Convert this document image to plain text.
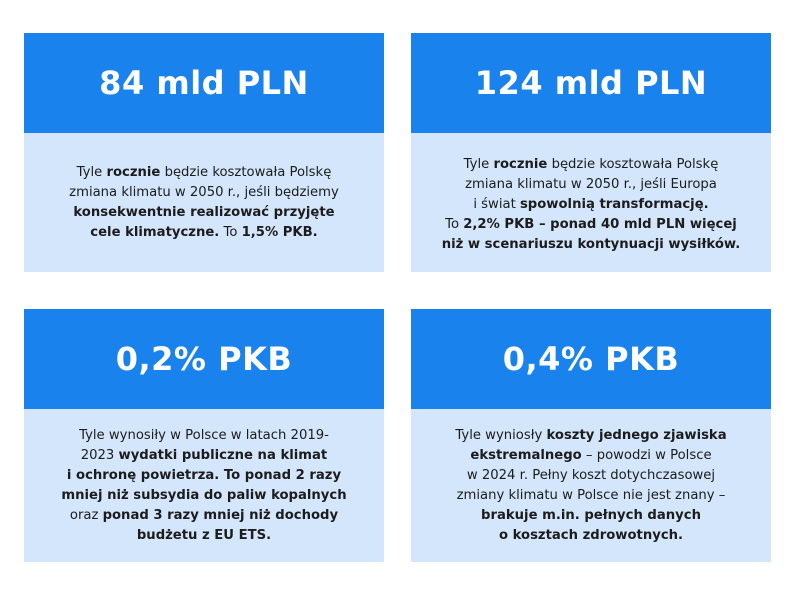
84 mld PLN

Tyle rocznie będzie kosztowała Polskę
zmiana klimatu w 2050 r., jeśli będziemy
konsekwentnie realizować przyjęte
cele klimatyczne. To 1,5% PKB.

124 mld PLN

Tyle rocznie będzie kosztowała Polskę
zmiana klimatu w 2050 r., jeśli Europa
i świat spowolnią transformację.
To 2,2% PKB – ponad 40 mld PLN więcej
niż w scenariuszu kontynuacji wysiłków.

0,2% PKB

Tyle wynosiły w Polsce w latach 2019-
2023 wydatki publiczne na klimat
i ochronę powietrza. To ponad 2 razy
mniej niż subsydia do paliw kopalnych
oraz ponad 3 razy mniej niż dochody
budżetu z EU ETS.

0,4% PKB

Tyle wyniosły koszty jednego zjawiska
ekstremalnego – powodzi w Polsce
w 2024 r. Pełny koszt dotychczasowej
zmiany klimatu w Polsce nie jest znany –
brakuje m.in. pełnych danych
o kosztach zdrowotnych.
